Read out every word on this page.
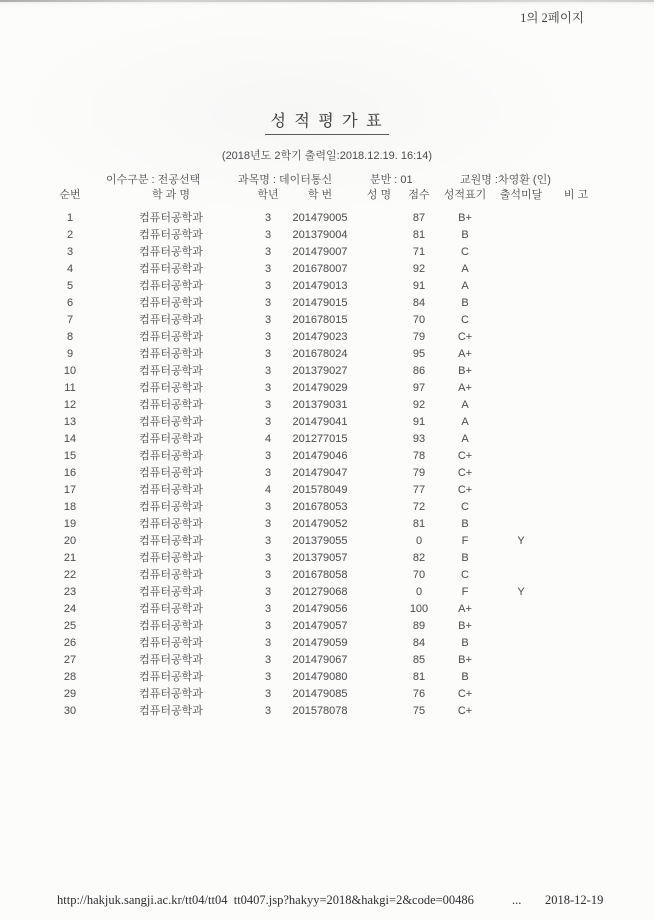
1의 2페이지
성 적 평 가 표
(2018년도 2학기 출력일:2018.12.19. 16:14)
이수구분 : 전공선택	과목명 : 데이터통신	분반 : 01	교원명 :차영환 (인)
순번	학 과 명	학년	학 번	성 명	점수	성적표기	출석미달	비 고
1	컴퓨터공학과	3	201479005		87	B+		
2	컴퓨터공학과	3	201379004		81	B		
3	컴퓨터공학과	3	201479007		71	C		
4	컴퓨터공학과	3	201678007		92	A		
5	컴퓨터공학과	3	201479013		91	A		
6	컴퓨터공학과	3	201479015		84	B		
7	컴퓨터공학과	3	201678015		70	C		
8	컴퓨터공학과	3	201479023		79	C+		
9	컴퓨터공학과	3	201678024		95	A+		
10	컴퓨터공학과	3	201379027		86	B+		
11	컴퓨터공학과	3	201479029		97	A+		
12	컴퓨터공학과	3	201379031		92	A		
13	컴퓨터공학과	3	201479041		91	A		
14	컴퓨터공학과	4	201277015		93	A		
15	컴퓨터공학과	3	201479046		78	C+		
16	컴퓨터공학과	3	201479047		79	C+		
17	컴퓨터공학과	4	201578049		77	C+		
18	컴퓨터공학과	3	201678053		72	C		
19	컴퓨터공학과	3	201479052		81	B		
20	컴퓨터공학과	3	201379055		0	F	Y	
21	컴퓨터공학과	3	201379057		82	B		
22	컴퓨터공학과	3	201678058		70	C		
23	컴퓨터공학과	3	201279068		0	F	Y	
24	컴퓨터공학과	3	201479056		100	A+		
25	컴퓨터공학과	3	201479057		89	B+		
26	컴퓨터공학과	3	201479059		84	B		
27	컴퓨터공학과	3	201479067		85	B+		
28	컴퓨터공학과	3	201479080		81	B		
29	컴퓨터공학과	3	201479085		76	C+		
30	컴퓨터공학과	3	201578078		75	C+		
http://hakjuk.sangji.ac.kr/tt04/tt04  tt0407.jsp?hakyy=2018&hakgi=2&code=00486	... 2018-12-19
